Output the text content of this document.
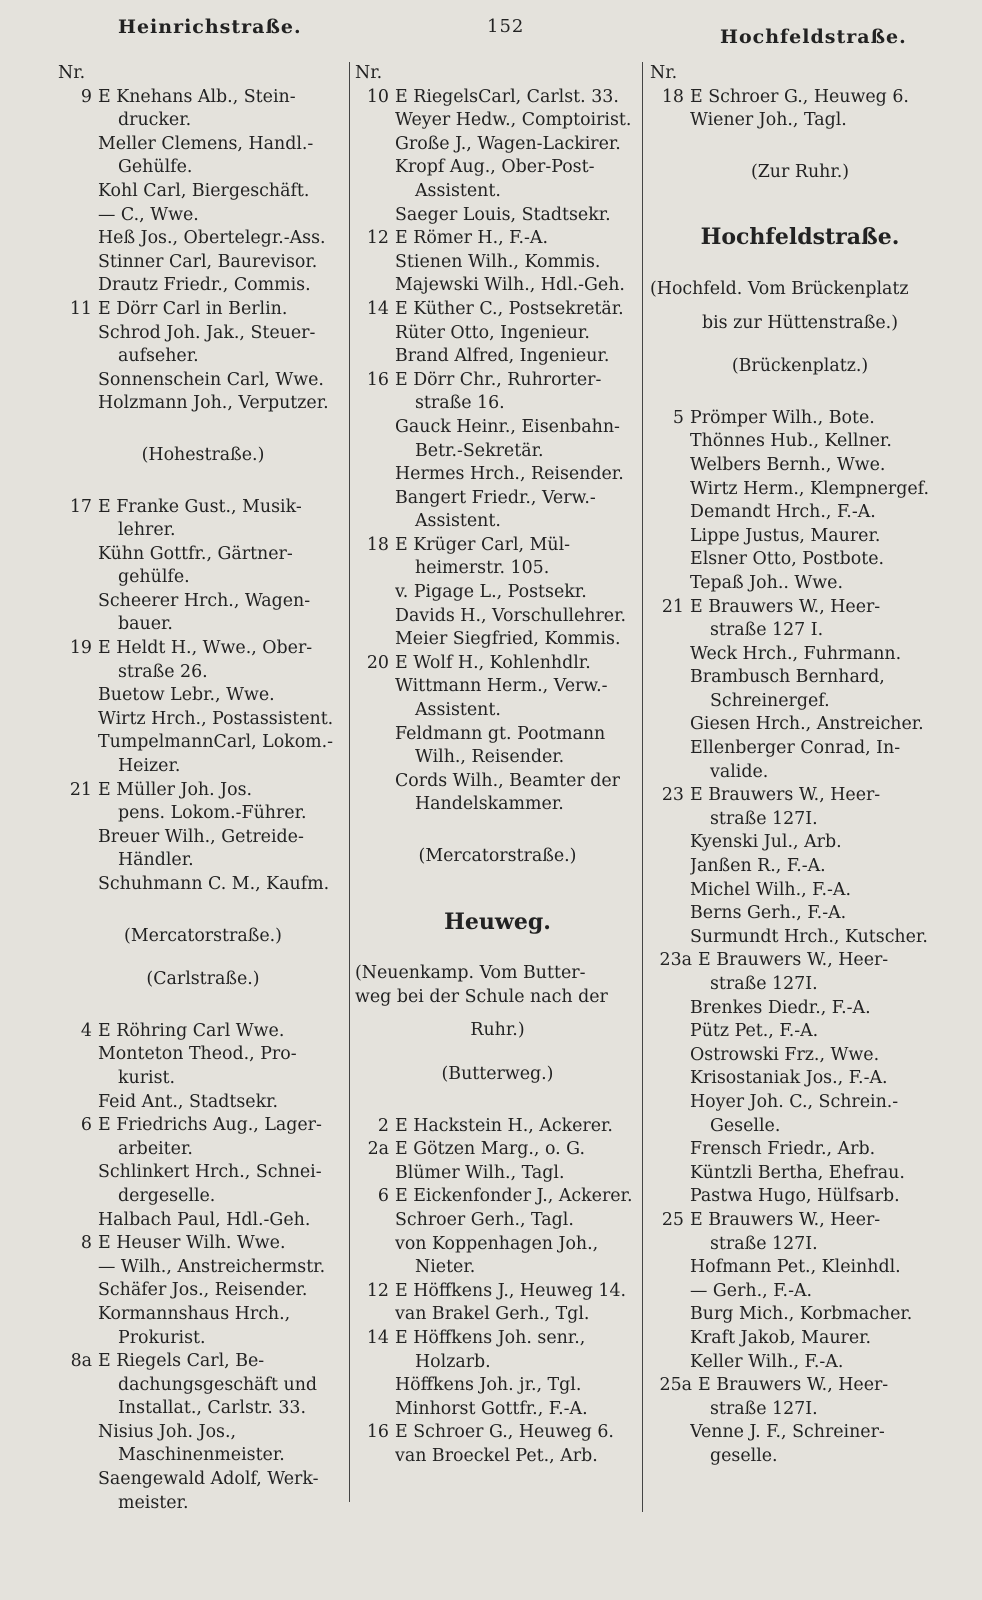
Heinrichstraße.	152	Hochfeldstraße.
Nr.
9 E Knehans Alb., Stein-
drucker.
Meller Clemens, Handl.-
Gehülfe.
Kohl Carl, Biergeschäft.
— C., Wwe.
Heß Jos., Obertelegr.-Ass.
Stinner Carl, Baurevisor.
Drautz Friedr., Commis.
11 E Dörr Carl in Berlin.
Schrod Joh. Jak., Steuer-
aufseher.
Sonnenschein Carl, Wwe.
Holzmann Joh., Verputzer.
(Hohestraße.)
17 E Franke Gust., Musik-
lehrer.
Kühn Gottfr., Gärtner-
gehülfe.
Scheerer Hrch., Wagen-
bauer.
19 E Heldt H., Wwe., Ober-
straße 26.
Buetow Lebr., Wwe.
Wirtz Hrch., Postassistent.
TumpelmannCarl, Lokom.-
Heizer.
21 E Müller Joh. Jos.
pens. Lokom.-Führer.
Breuer Wilh., Getreide-
Händler.
Schuhmann C. M., Kaufm.
(Mercatorstraße.)
(Carlstraße.)
4 E Röhring Carl Wwe.
Monteton Theod., Pro-
kurist.
Feid Ant., Stadtsekr.
6 E Friedrichs Aug., Lager-
arbeiter.
Schlinkert Hrch., Schnei-
dergeselle.
Halbach Paul, Hdl.-Geh.
8 E Heuser Wilh. Wwe.
— Wilh., Anstreichermstr.
Schäfer Jos., Reisender.
Kormannshaus Hrch.,
Prokurist.
8a E Riegels Carl, Be-
dachungsgeschäft und
Installat., Carlstr. 33.
Nisius Joh. Jos.,
Maschinenmeister.
Saengewald Adolf, Werk-
meister.
Nr.
10 E RiegelsCarl, Carlst. 33.
Weyer Hedw., Comptoirist.
Große J., Wagen-Lackirer.
Kropf Aug., Ober-Post-
Assistent.
Saeger Louis, Stadtsekr.
12 E Römer H., F.-A.
Stienen Wilh., Kommis.
Majewski Wilh., Hdl.-Geh.
14 E Küther C., Postsekretär.
Rüter Otto, Ingenieur.
Brand Alfred, Ingenieur.
16 E Dörr Chr., Ruhrorter-
straße 16.
Gauck Heinr., Eisenbahn-
Betr.-Sekretär.
Hermes Hrch., Reisender.
Bangert Friedr., Verw.-
Assistent.
18 E Krüger Carl, Mül-
heimerstr. 105.
v. Pigage L., Postsekr.
Davids H., Vorschullehrer.
Meier Siegfried, Kommis.
20 E Wolf H., Kohlenhdlr.
Wittmann Herm., Verw.-
Assistent.
Feldmann gt. Pootmann
Wilh., Reisender.
Cords Wilh., Beamter der
Handelskammer.
(Mercatorstraße.)
Heuweg.
(Neuenkamp. Vom Butter-
weg bei der Schule nach der
Ruhr.)
(Butterweg.)
2 E Hackstein H., Ackerer.
2a E Götzen Marg., o. G.
Blümer Wilh., Tagl.
6 E Eickenfonder J., Ackerer.
Schroer Gerh., Tagl.
von Koppenhagen Joh.,
Nieter.
12 E Höffkens J., Heuweg 14.
van Brakel Gerh., Tgl.
14 E Höffkens Joh. senr.,
Holzarb.
Höffkens Joh. jr., Tgl.
Minhorst Gottfr., F.-A.
16 E Schroer G., Heuweg 6.
van Broeckel Pet., Arb.
Nr.
18 E Schroer G., Heuweg 6.
Wiener Joh., Tagl.
(Zur Ruhr.)
Hochfeldstraße.
(Hochfeld. Vom Brückenplatz
bis zur Hüttenstraße.)
(Brückenplatz.)
5 Prömper Wilh., Bote.
Thönnes Hub., Kellner.
Welbers Bernh., Wwe.
Wirtz Herm., Klempnergef.
Demandt Hrch., F.-A.
Lippe Justus, Maurer.
Elsner Otto, Postbote.
Tepaß Joh.. Wwe.
21 E Brauwers W., Heer-
straße 127 I.
Weck Hrch., Fuhrmann.
Brambusch Bernhard,
Schreinergef.
Giesen Hrch., Anstreicher.
Ellenberger Conrad, In-
valide.
23 E Brauwers W., Heer-
straße 127I.
Kyenski Jul., Arb.
Janßen R., F.-A.
Michel Wilh., F.-A.
Berns Gerh., F.-A.
Surmundt Hrch., Kutscher.
23a E Brauwers W., Heer-
straße 127I.
Brenkes Diedr., F.-A.
Pütz Pet., F.-A.
Ostrowski Frz., Wwe.
Krisostaniak Jos., F.-A.
Hoyer Joh. C., Schrein.-
Geselle.
Frensch Friedr., Arb.
Küntzli Bertha, Ehefrau.
Pastwa Hugo, Hülfsarb.
25 E Brauwers W., Heer-
straße 127I.
Hofmann Pet., Kleinhdl.
— Gerh., F.-A.
Burg Mich., Korbmacher.
Kraft Jakob, Maurer.
Keller Wilh., F.-A.
25a E Brauwers W., Heer-
straße 127I.
Venne J. F., Schreiner-
geselle.
